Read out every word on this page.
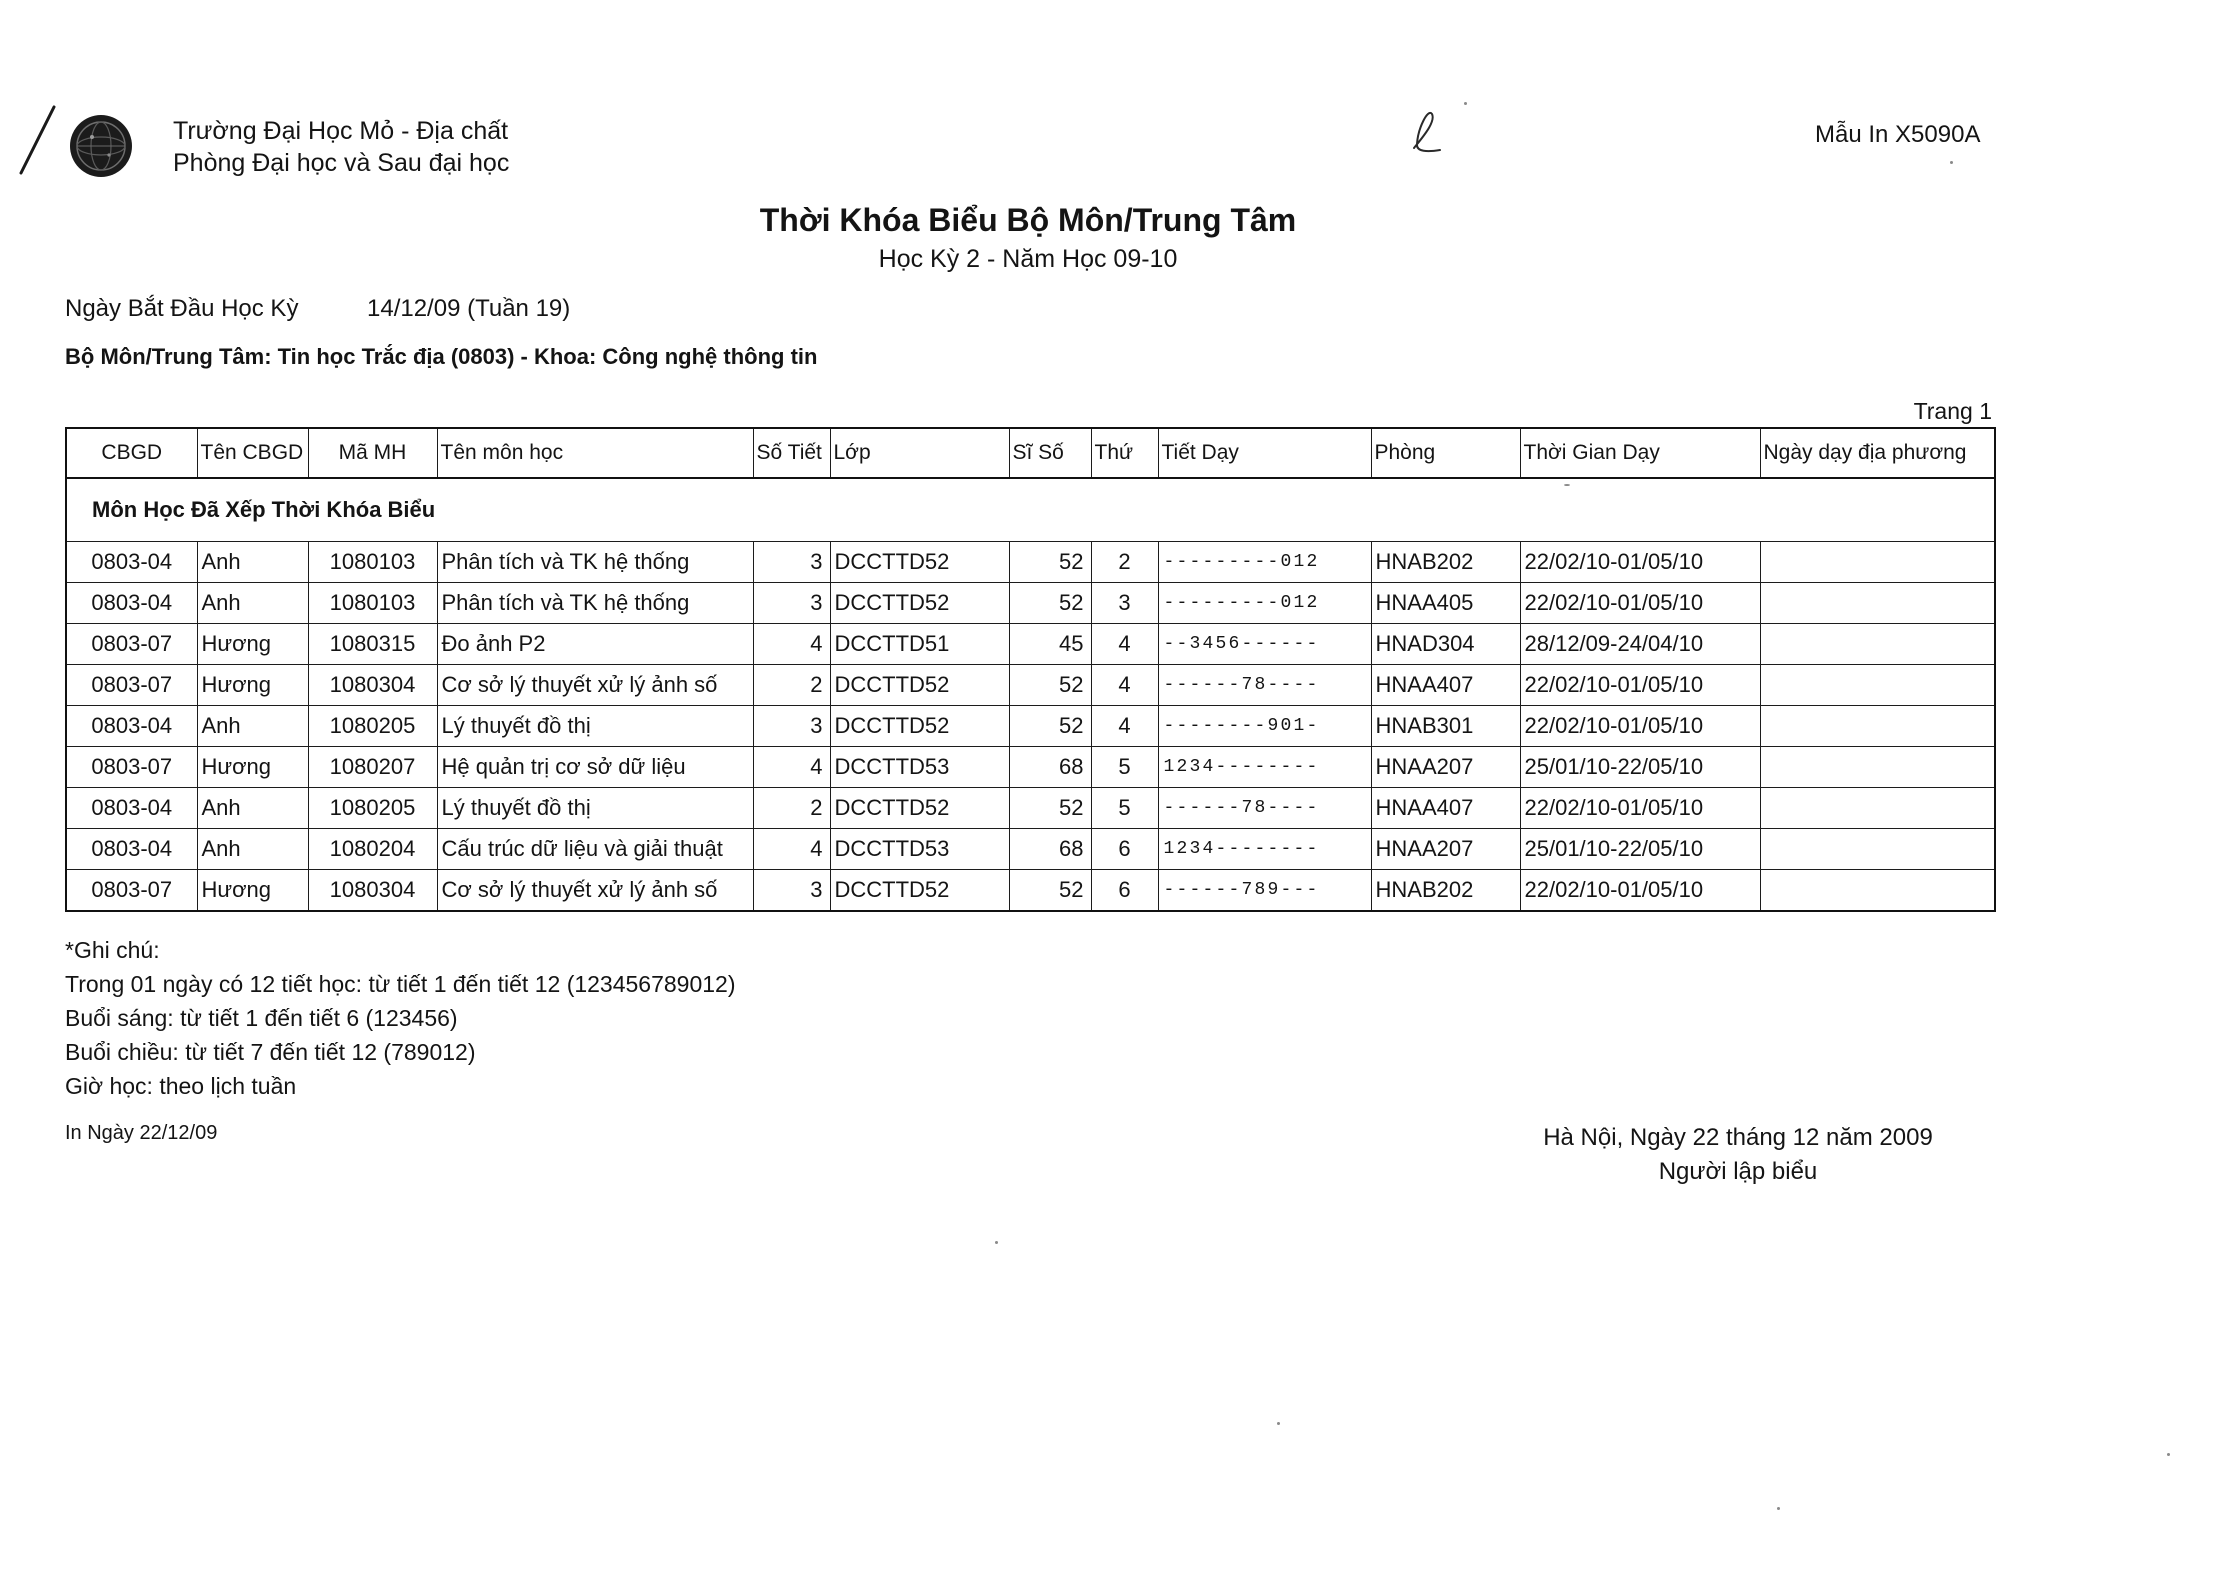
Trường Đại Học Mỏ - Địa chất
Phòng Đại học và Sau đại học
Mẫu In X5090A
Thời Khóa Biểu Bộ Môn/Trung Tâm
Học Kỳ 2 - Năm Học 09-10
Ngày Bắt Đầu Học Kỳ	14/12/09 (Tuần 19)
Bộ Môn/Trung Tâm: Tin học Trắc địa (0803) - Khoa: Công nghệ thông tin
Trang 1
CBGD	Tên CBGD	Mã MH	Tên môn học	Số Tiết	Lớp	Sĩ Số	Thứ	Tiết Dạy	Phòng	Thời Gian Dạy	Ngày dạy địa phương
Môn Học Đã Xếp Thời Khóa Biểu											
0803-04	Anh	1080103	Phân tích và TK hệ thống	3	DCCTTD52	52	2	---------012	HNAB202	22/02/10-01/05/10	
0803-04	Anh	1080103	Phân tích và TK hệ thống	3	DCCTTD52	52	3	---------012	HNAA405	22/02/10-01/05/10	
0803-07	Hương	1080315	Đo ảnh P2	4	DCCTTD51	45	4	--3456------	HNAD304	28/12/09-24/04/10	
0803-07	Hương	1080304	Cơ sở lý thuyết xử lý ảnh số	2	DCCTTD52	52	4	------78----	HNAA407	22/02/10-01/05/10	
0803-04	Anh	1080205	Lý thuyết đồ thị	3	DCCTTD52	52	4	--------901-	HNAB301	22/02/10-01/05/10	
0803-07	Hương	1080207	Hệ quản trị cơ sở dữ liệu	4	DCCTTD53	68	5	1234--------	HNAA207	25/01/10-22/05/10	
0803-04	Anh	1080205	Lý thuyết đồ thị	2	DCCTTD52	52	5	------78----	HNAA407	22/02/10-01/05/10	
0803-04	Anh	1080204	Cấu trúc dữ liệu và giải thuật	4	DCCTTD53	68	6	1234--------	HNAA207	25/01/10-22/05/10	
0803-07	Hương	1080304	Cơ sở lý thuyết xử lý ảnh số	3	DCCTTD52	52	6	------789---	HNAB202	22/02/10-01/05/10	
*Ghi chú:
Trong 01 ngày có 12 tiết học: từ tiết 1 đến tiết 12 (123456789012)
Buổi sáng: từ tiết 1 đến tiết 6 (123456)
Buổi chiều: từ tiết 7 đến tiết 12 (789012)
Giờ học: theo lịch tuần
In Ngày 22/12/09	Hà Nội, Ngày 22 tháng 12 năm 2009
Người lập biểu
